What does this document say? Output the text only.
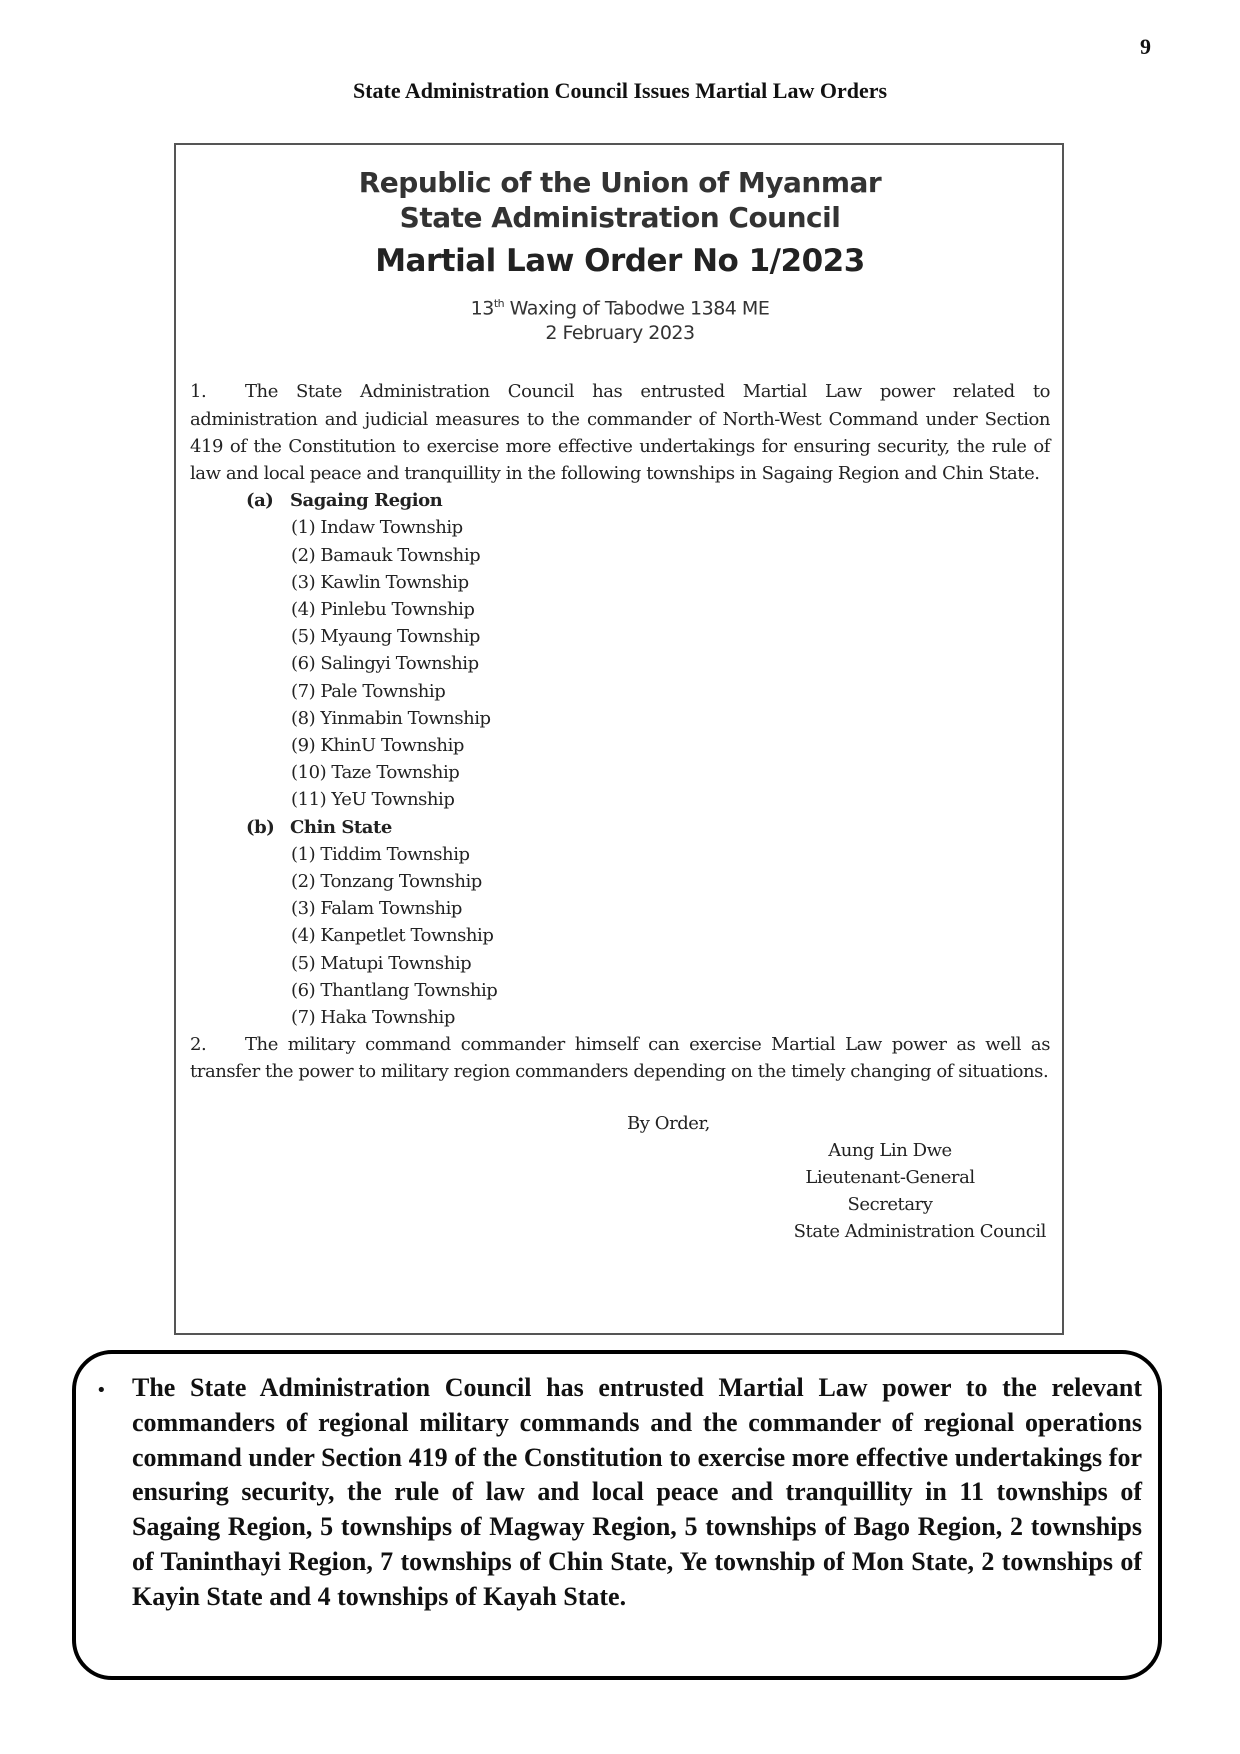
9
State Administration Council Issues Martial Law Orders
Republic of the Union of Myanmar
State Administration Council
Martial Law Order No 1/2023
13th Waxing of Tabodwe 1384 ME
2 February 2023
1. The State Administration Council has entrusted Martial Law power related to administration and judicial measures to the commander of North-West Command under Section 419 of the Constitution to exercise more effective undertakings for ensuring security, the rule of law and local peace and tranquillity in the following townships in Sagaing Region and Chin State.
(a) Sagaing Region
(1) Indaw Township
(2) Bamauk Township
(3) Kawlin Township
(4) Pinlebu Township
(5) Myaung Township
(6) Salingyi Township
(7) Pale Township
(8) Yinmabin Township
(9) KhinU Township
(10) Taze Township
(11) YeU Township
(b) Chin State
(1) Tiddim Township
(2) Tonzang Township
(3) Falam Township
(4) Kanpetlet Township
(5) Matupi Township
(6) Thantlang Township
(7) Haka Township
2. The military command commander himself can exercise Martial Law power as well as transfer the power to military region commanders depending on the timely changing of situations.
By Order,
Aung Lin Dwe
Lieutenant-General
Secretary
State Administration Council
• The State Administration Council has entrusted Martial Law power to the relevant commanders of regional military commands and the commander of regional operations command under Section 419 of the Constitution to exercise more effective undertakings for ensuring security, the rule of law and local peace and tranquillity in 11 townships of Sagaing Region, 5 townships of Magway Region, 5 townships of Bago Region, 2 townships of Taninthayi Region, 7 townships of Chin State, Ye township of Mon State, 2 townships of Kayin State and 4 townships of Kayah State.
